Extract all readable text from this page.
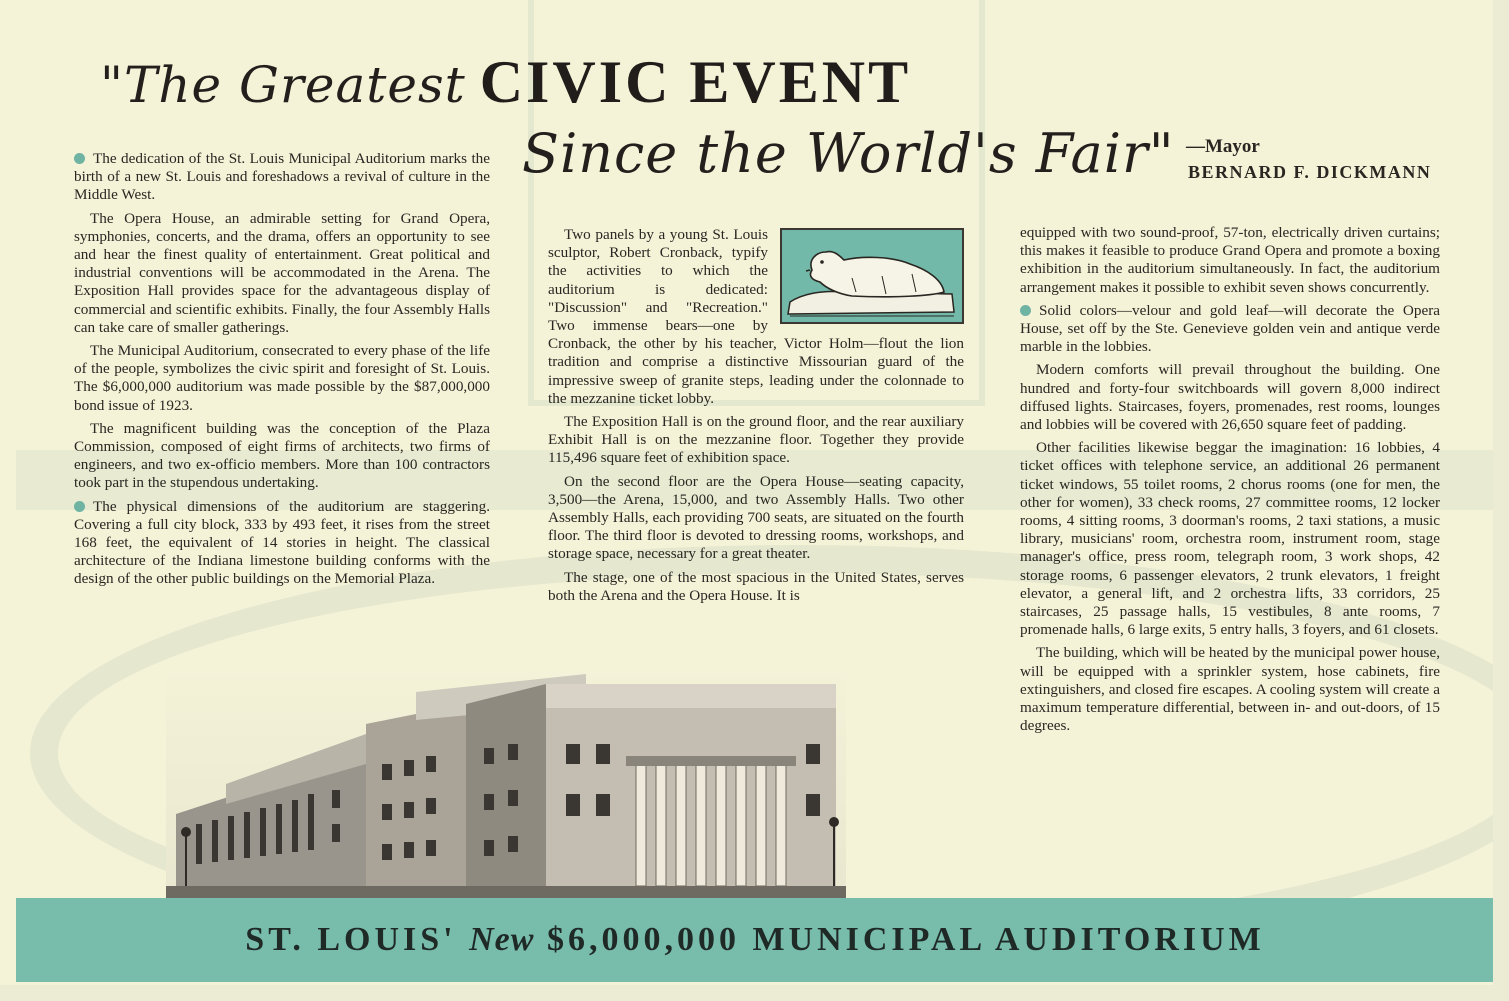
"The Greatest CIVIC EVENT
Since the World's Fair" —Mayor
BERNARD F. DICKMANN

The dedication of the St. Louis Municipal Auditorium marks the birth of a new St. Louis and foreshadows a revival of culture in the Middle West.

The Opera House, an admirable setting for Grand Opera, symphonies, concerts, and the drama, offers an opportunity to see and hear the finest quality of entertainment. Great political and industrial conventions will be accommodated in the Arena. The Exposition Hall provides space for the advantageous display of commercial and scientific exhibits. Finally, the four Assembly Halls can take care of smaller gatherings.

The Municipal Auditorium, consecrated to every phase of the life of the people, symbolizes the civic spirit and foresight of St. Louis. The $6,000,000 auditorium was made possible by the $87,000,000 bond issue of 1923.

The magnificent building was the conception of the Plaza Commission, composed of eight firms of architects, two firms of engineers, and two ex-officio members. More than 100 contractors took part in the stupendous undertaking.

The physical dimensions of the auditorium are staggering. Covering a full city block, 333 by 493 feet, it rises from the street 168 feet, the equivalent of 14 stories in height. The classical architecture of the Indiana limestone building conforms with the design of the other public buildings on the Memorial Plaza.

Two panels by a young St. Louis sculptor, Robert Cronback, typify the activities to which the auditorium is dedicated: "Discussion" and "Recreation." Two immense bears—one by Cronback, the other by his teacher, Victor Holm—flout the lion tradition and comprise a distinctive Missourian guard of the impressive sweep of granite steps, leading under the colonnade to the mezzanine ticket lobby.

The Exposition Hall is on the ground floor, and the rear auxiliary Exhibit Hall is on the mezzanine floor. Together they provide 115,496 square feet of exhibition space.

On the second floor are the Opera House—seating capacity, 3,500—the Arena, 15,000, and two Assembly Halls. Two other Assembly Halls, each providing 700 seats, are situated on the fourth floor. The third floor is devoted to dressing rooms, workshops, and storage space, necessary for a great theater.

The stage, one of the most spacious in the United States, serves both the Arena and the Opera House. It is

equipped with two sound-proof, 57-ton, electrically driven curtains; this makes it feasible to produce Grand Opera and promote a boxing exhibition in the auditorium simultaneously. In fact, the auditorium arrangement makes it possible to exhibit seven shows concurrently.

Solid colors—velour and gold leaf—will decorate the Opera House, set off by the Ste. Genevieve golden vein and antique verde marble in the lobbies.

Modern comforts will prevail throughout the building. One hundred and forty-four switchboards will govern 8,000 indirect diffused lights. Staircases, foyers, promenades, rest rooms, lounges and lobbies will be covered with 26,650 square feet of padding.

Other facilities likewise beggar the imagination: 16 lobbies, 4 ticket offices with telephone service, an additional 26 permanent ticket windows, 55 toilet rooms, 2 chorus rooms (one for men, the other for women), 33 check rooms, 27 committee rooms, 12 locker rooms, 4 sitting rooms, 3 doorman's rooms, 2 taxi stations, a music library, musicians' room, orchestra room, instrument room, stage manager's office, press room, telegraph room, 3 work shops, 42 storage rooms, 6 passenger elevators, 2 trunk elevators, 1 freight elevator, a general lift, and 2 orchestra lifts, 33 corridors, 25 staircases, 25 passage halls, 15 vestibules, 8 ante rooms, 7 promenade halls, 6 large exits, 5 entry halls, 3 foyers, and 61 closets.

The building, which will be heated by the municipal power house, will be equipped with a sprinkler system, hose cabinets, fire extinguishers, and closed fire escapes. A cooling system will create a maximum temperature differential, between in- and out-doors, of 15 degrees.

ST. LOUIS' New $6,000,000 MUNICIPAL AUDITORIUM
